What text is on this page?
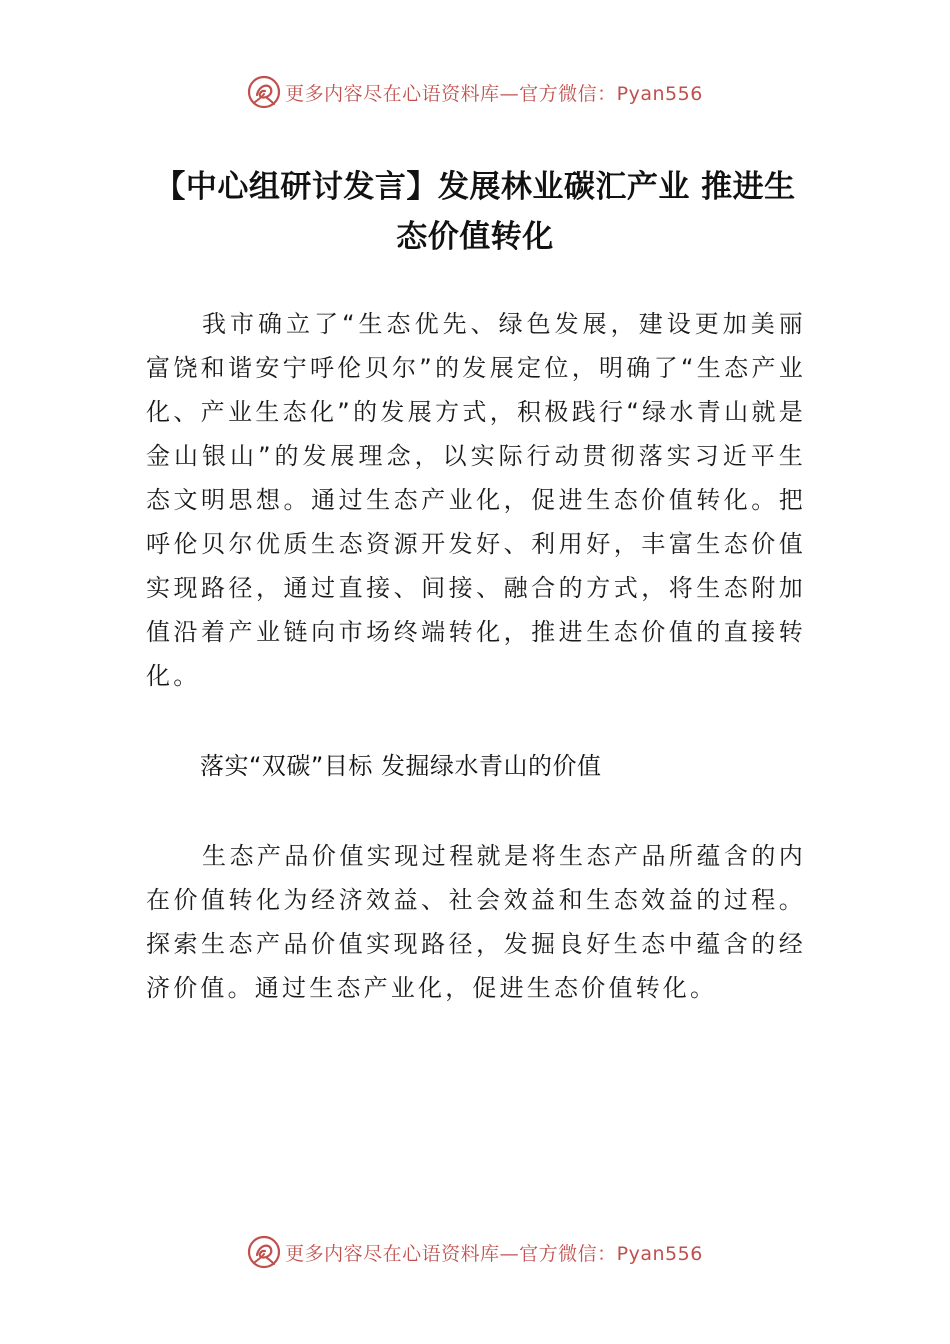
更多内容尽在心语资料库—官方微信：Pyan556
【中心组研讨发言】发展林业碳汇产业 推进生态价值转化

我市确立了“生态优先、绿色发展，建设更加美丽富饶和谐安宁呼伦贝尔”的发展定位，明确了“生态产业化、产业生态化”的发展方式，积极践行“绿水青山就是金山银山”的发展理念，以实际行动贯彻落实习近平生态文明思想。通过生态产业化，促进生态价值转化。把呼伦贝尔优质生态资源开发好、利用好，丰富生态价值实现路径，通过直接、间接、融合的方式，将生态附加值沿着产业链向市场终端转化，推进生态价值的直接转化。

落实“双碳”目标 发掘绿水青山的价值

生态产品价值实现过程就是将生态产品所蕴含的内在价值转化为经济效益、社会效益和生态效益的过程。探索生态产品价值实现路径，发掘良好生态中蕴含的经济价值。通过生态产业化，促进生态价值转化。

更多内容尽在心语资料库—官方微信：Pyan556
